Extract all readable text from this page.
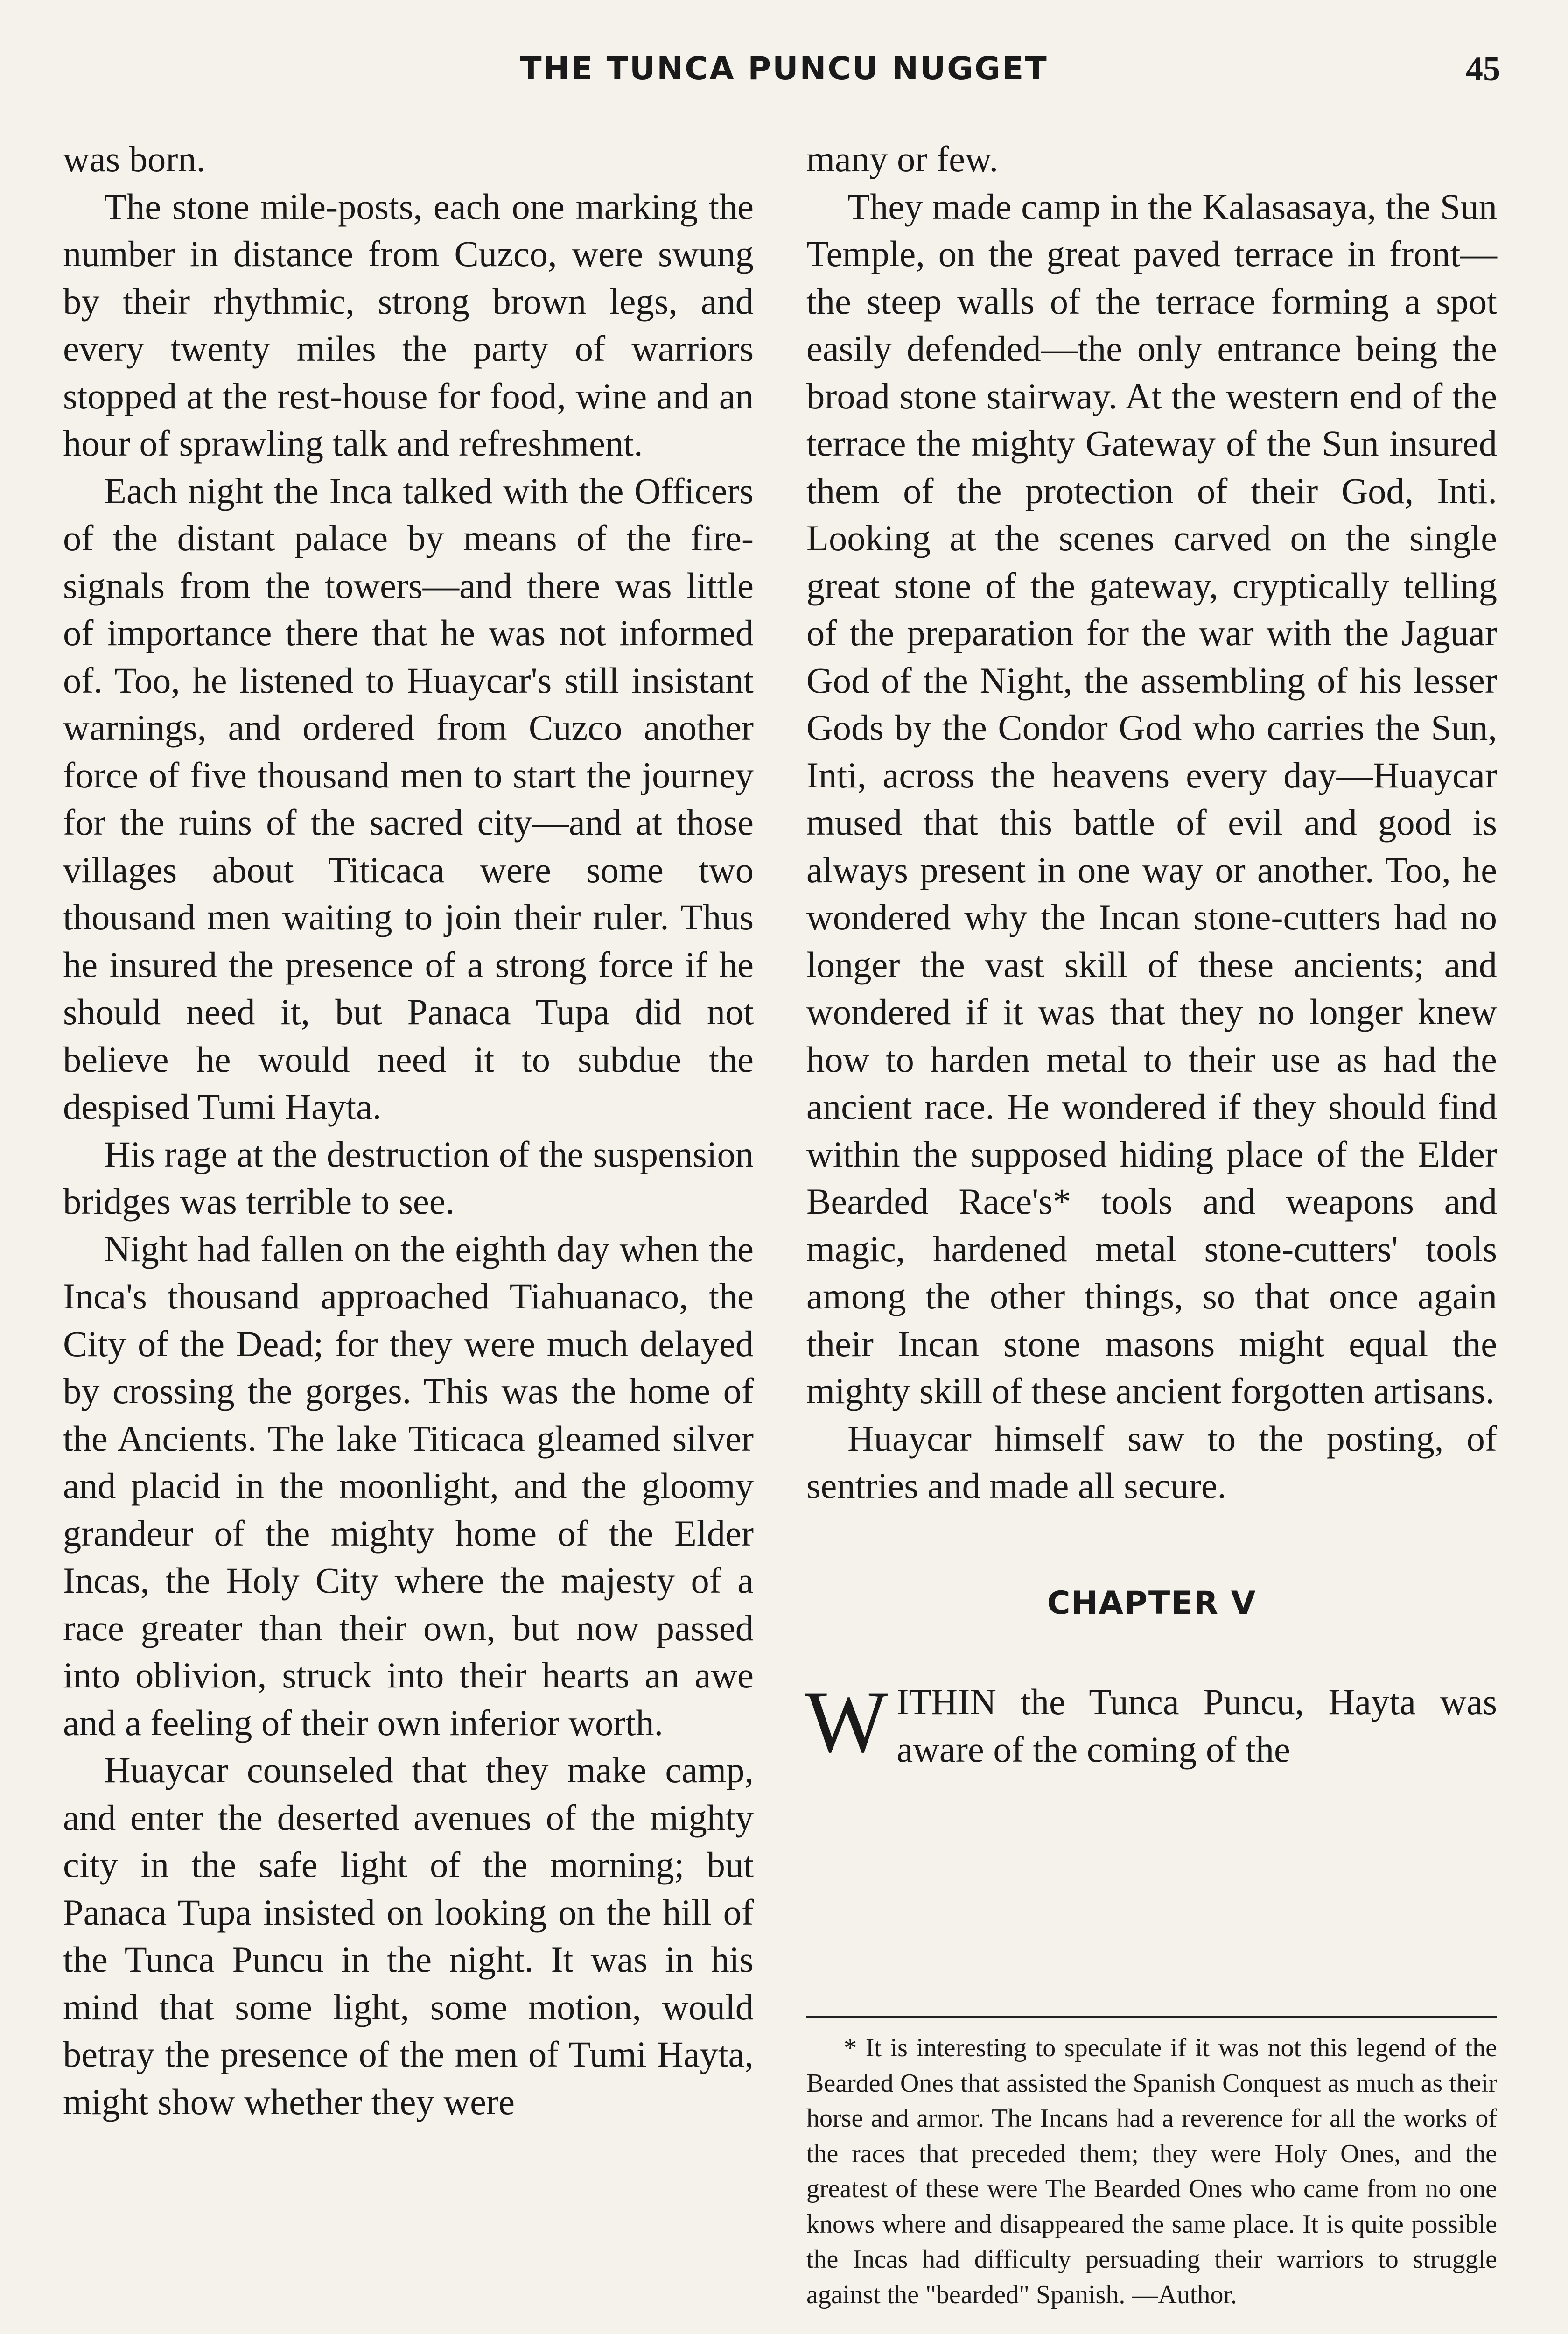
THE TUNCA PUNCU NUGGET	45

was born.

The stone mile-posts, each one marking the number in distance from Cuzco, were swung by their rhythmic, strong brown legs, and every twenty miles the party of warriors stopped at the rest-house for food, wine and an hour of sprawling talk and refreshment.

Each night the Inca talked with the Officers of the distant palace by means of the fire-signals from the towers—and there was little of importance there that he was not informed of. Too, he listened to Huaycar's still insistant warnings, and ordered from Cuzco another force of five thousand men to start the journey for the ruins of the sacred city—and at those villages about Titicaca were some two thousand men waiting to join their ruler. Thus he insured the presence of a strong force if he should need it, but Panaca Tupa did not believe he would need it to subdue the despised Tumi Hayta.

His rage at the destruction of the suspension bridges was terrible to see.

Night had fallen on the eighth day when the Inca's thousand approached Tiahuanaco, the City of the Dead; for they were much delayed by crossing the gorges. This was the home of the Ancients. The lake Titicaca gleamed silver and placid in the moonlight, and the gloomy grandeur of the mighty home of the Elder Incas, the Holy City where the majesty of a race greater than their own, but now passed into oblivion, struck into their hearts an awe and a feeling of their own inferior worth.

Huaycar counseled that they make camp, and enter the deserted avenues of the mighty city in the safe light of the morning; but Panaca Tupa insisted on looking on the hill of the Tunca Puncu in the night. It was in his mind that some light, some motion, would betray the presence of the men of Tumi Hayta, might show whether they were

many or few.

They made camp in the Kalasasaya, the Sun Temple, on the great paved terrace in front—the steep walls of the terrace forming a spot easily defended—the only entrance being the broad stone stairway. At the western end of the terrace the mighty Gateway of the Sun insured them of the protection of their God, Inti. Looking at the scenes carved on the single great stone of the gateway, cryptically telling of the preparation for the war with the Jaguar God of the Night, the assembling of his lesser Gods by the Condor God who carries the Sun, Inti, across the heavens every day—Huaycar mused that this battle of evil and good is always present in one way or another. Too, he wondered why the Incan stone-cutters had no longer the vast skill of these ancients; and wondered if it was that they no longer knew how to harden metal to their use as had the ancient race. He wondered if they should find within the supposed hiding place of the Elder Bearded Race's* tools and weapons and magic, hardened metal stone-cutters' tools among the other things, so that once again their Incan stone masons might equal the mighty skill of these ancient forgotten artisans.

Huaycar himself saw to the posting, of sentries and made all secure.

CHAPTER V

WITHIN the Tunca Puncu, Hayta was aware of the coming of the

* It is interesting to speculate if it was not this legend of the Bearded Ones that assisted the Spanish Conquest as much as their horse and armor. The Incans had a reverence for all the works of the races that preceded them; they were Holy Ones, and the greatest of these were The Bearded Ones who came from no one knows where and disappeared the same place. It is quite possible the Incas had difficulty persuading their warriors to struggle against the "bearded" Spanish. —Author.
